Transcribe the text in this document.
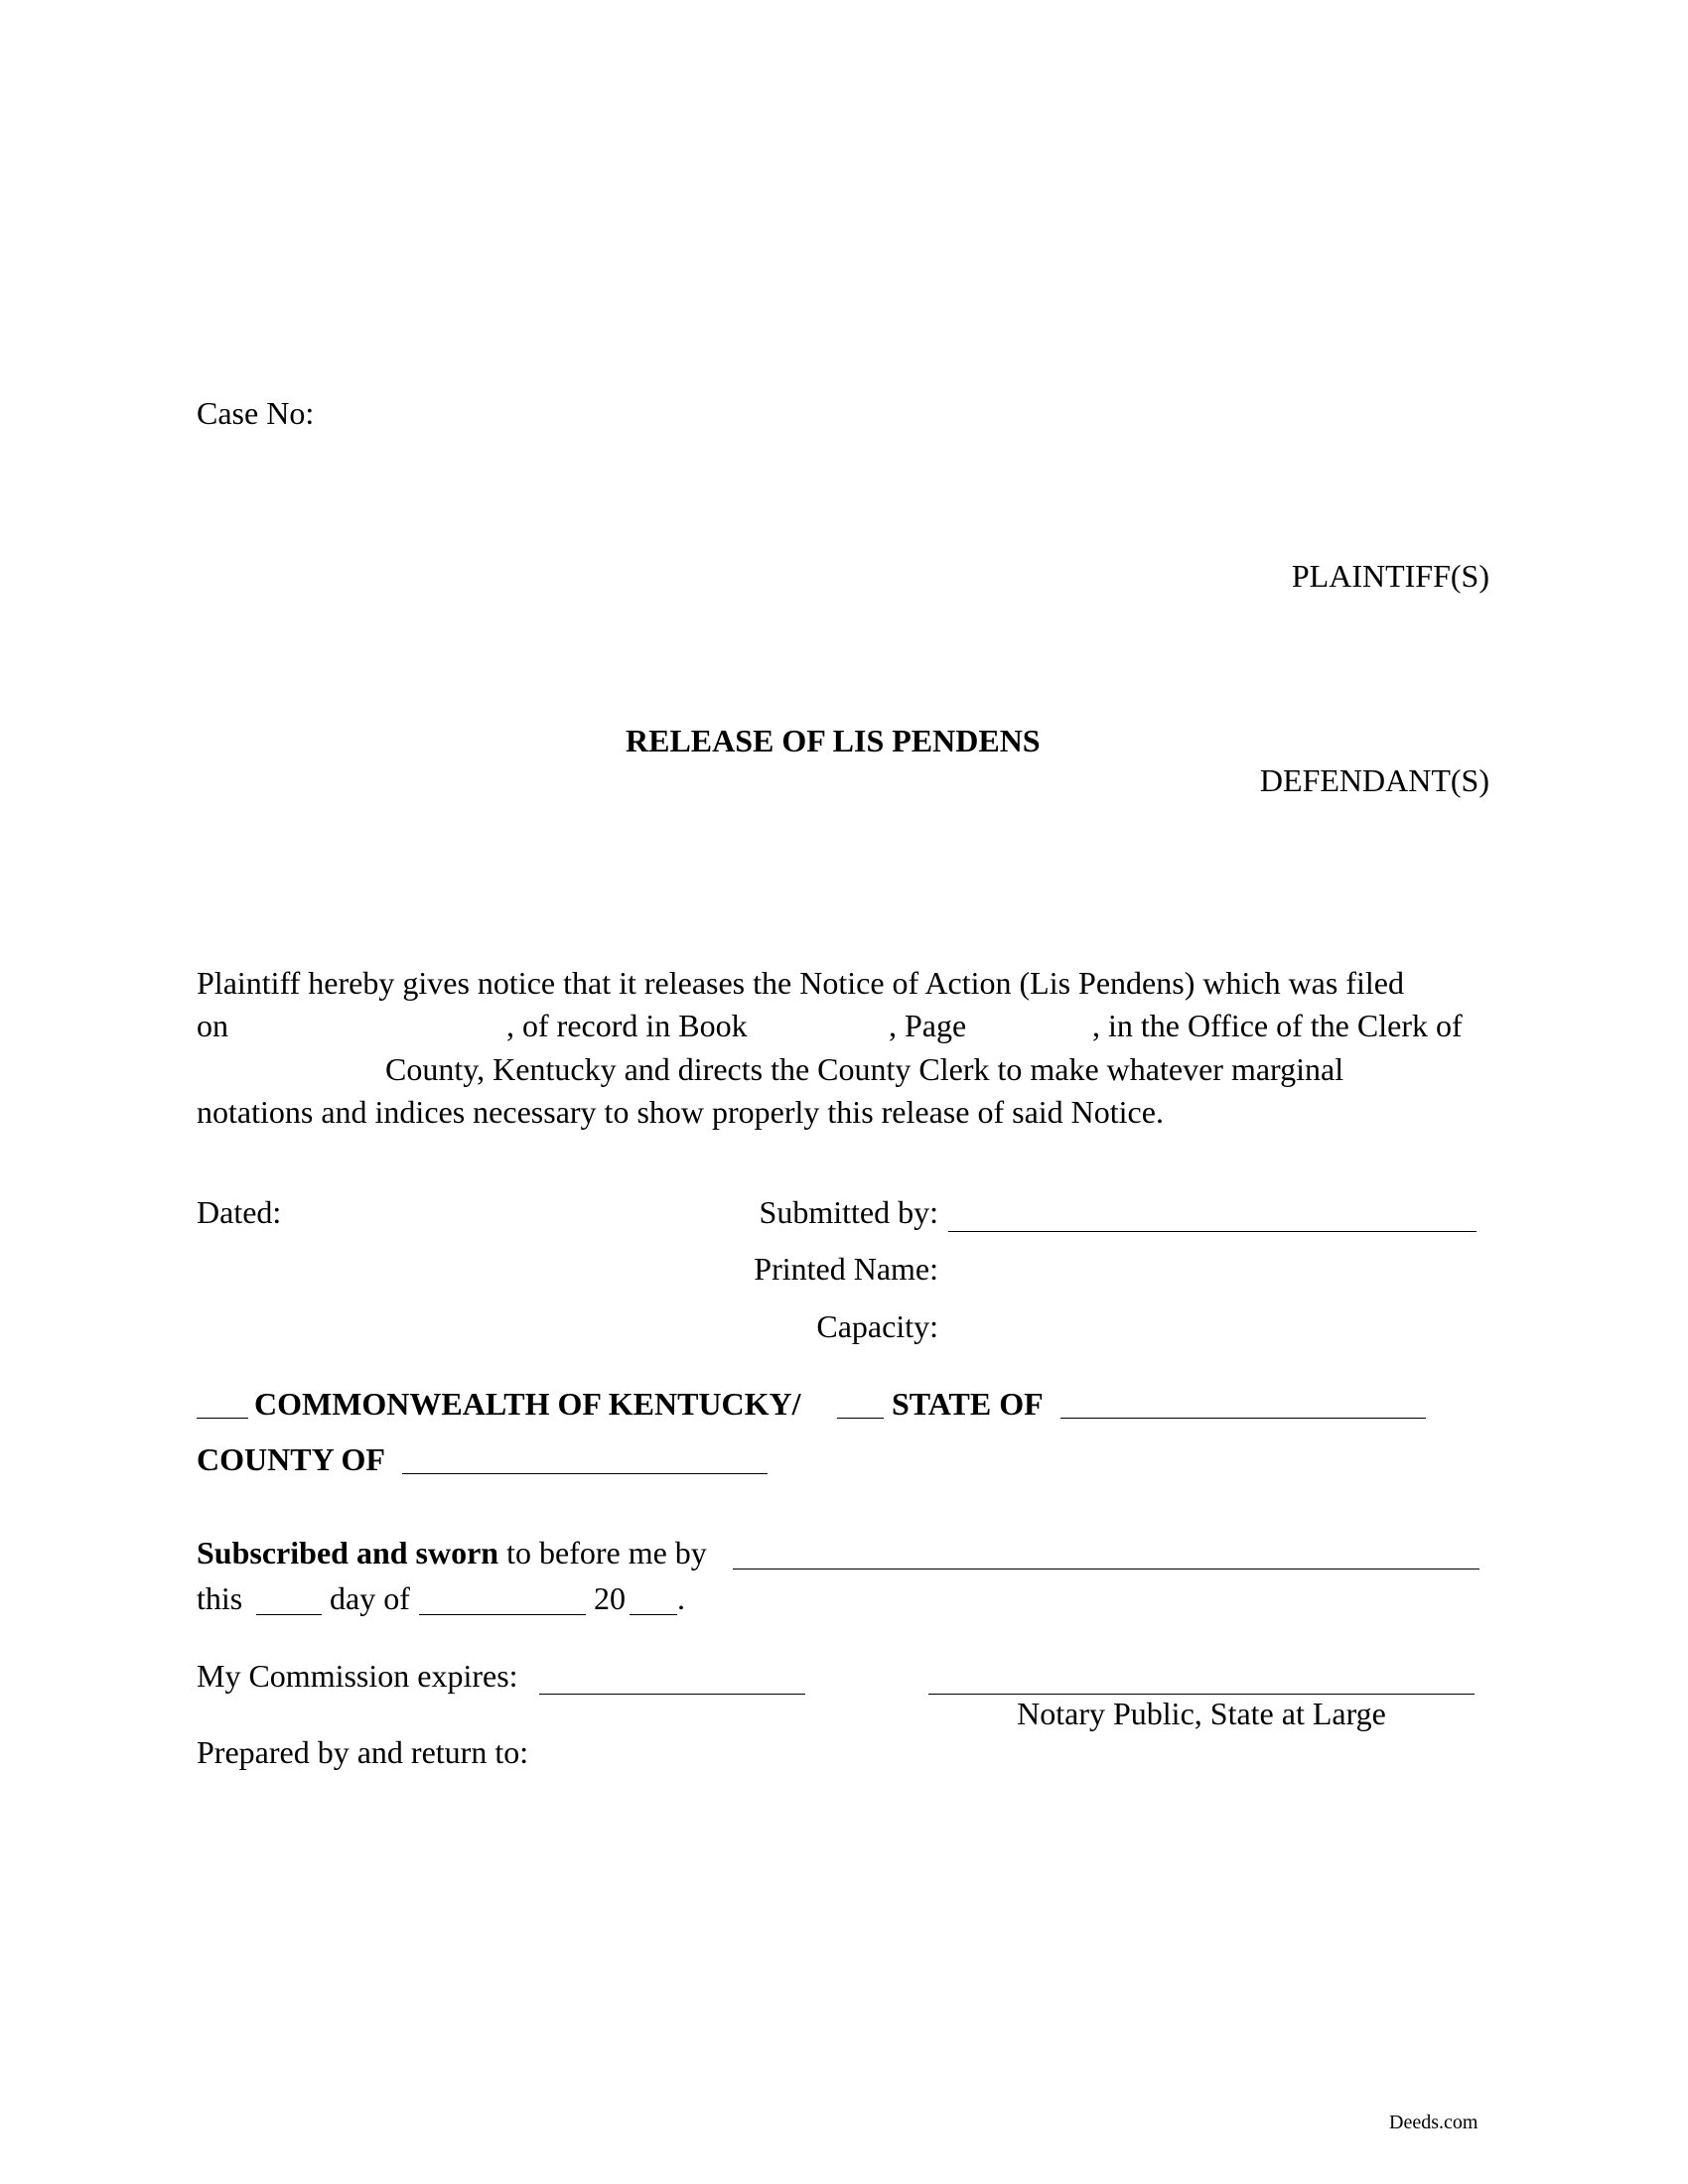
Case No:
PLAINTIFF(S)
RELEASE OF LIS PENDENS
DEFENDANT(S)
Plaintiff hereby gives notice that it releases the Notice of Action (Lis Pendens) which was filed
on	, of record in Book	, Page	, in the Office of the Clerk of
County, Kentucky and directs the County Clerk to make whatever marginal
notations and indices necessary to show properly this release of said Notice.
Dated:	Submitted by:
Printed Name:
Capacity:
COMMONWEALTH OF KENTUCKY/	STATE OF
COUNTY OF
Subscribed and sworn to before me by
this	day of	20 .
My Commission expires:
Notary Public, State at Large
Prepared by and return to:
Deeds.com
